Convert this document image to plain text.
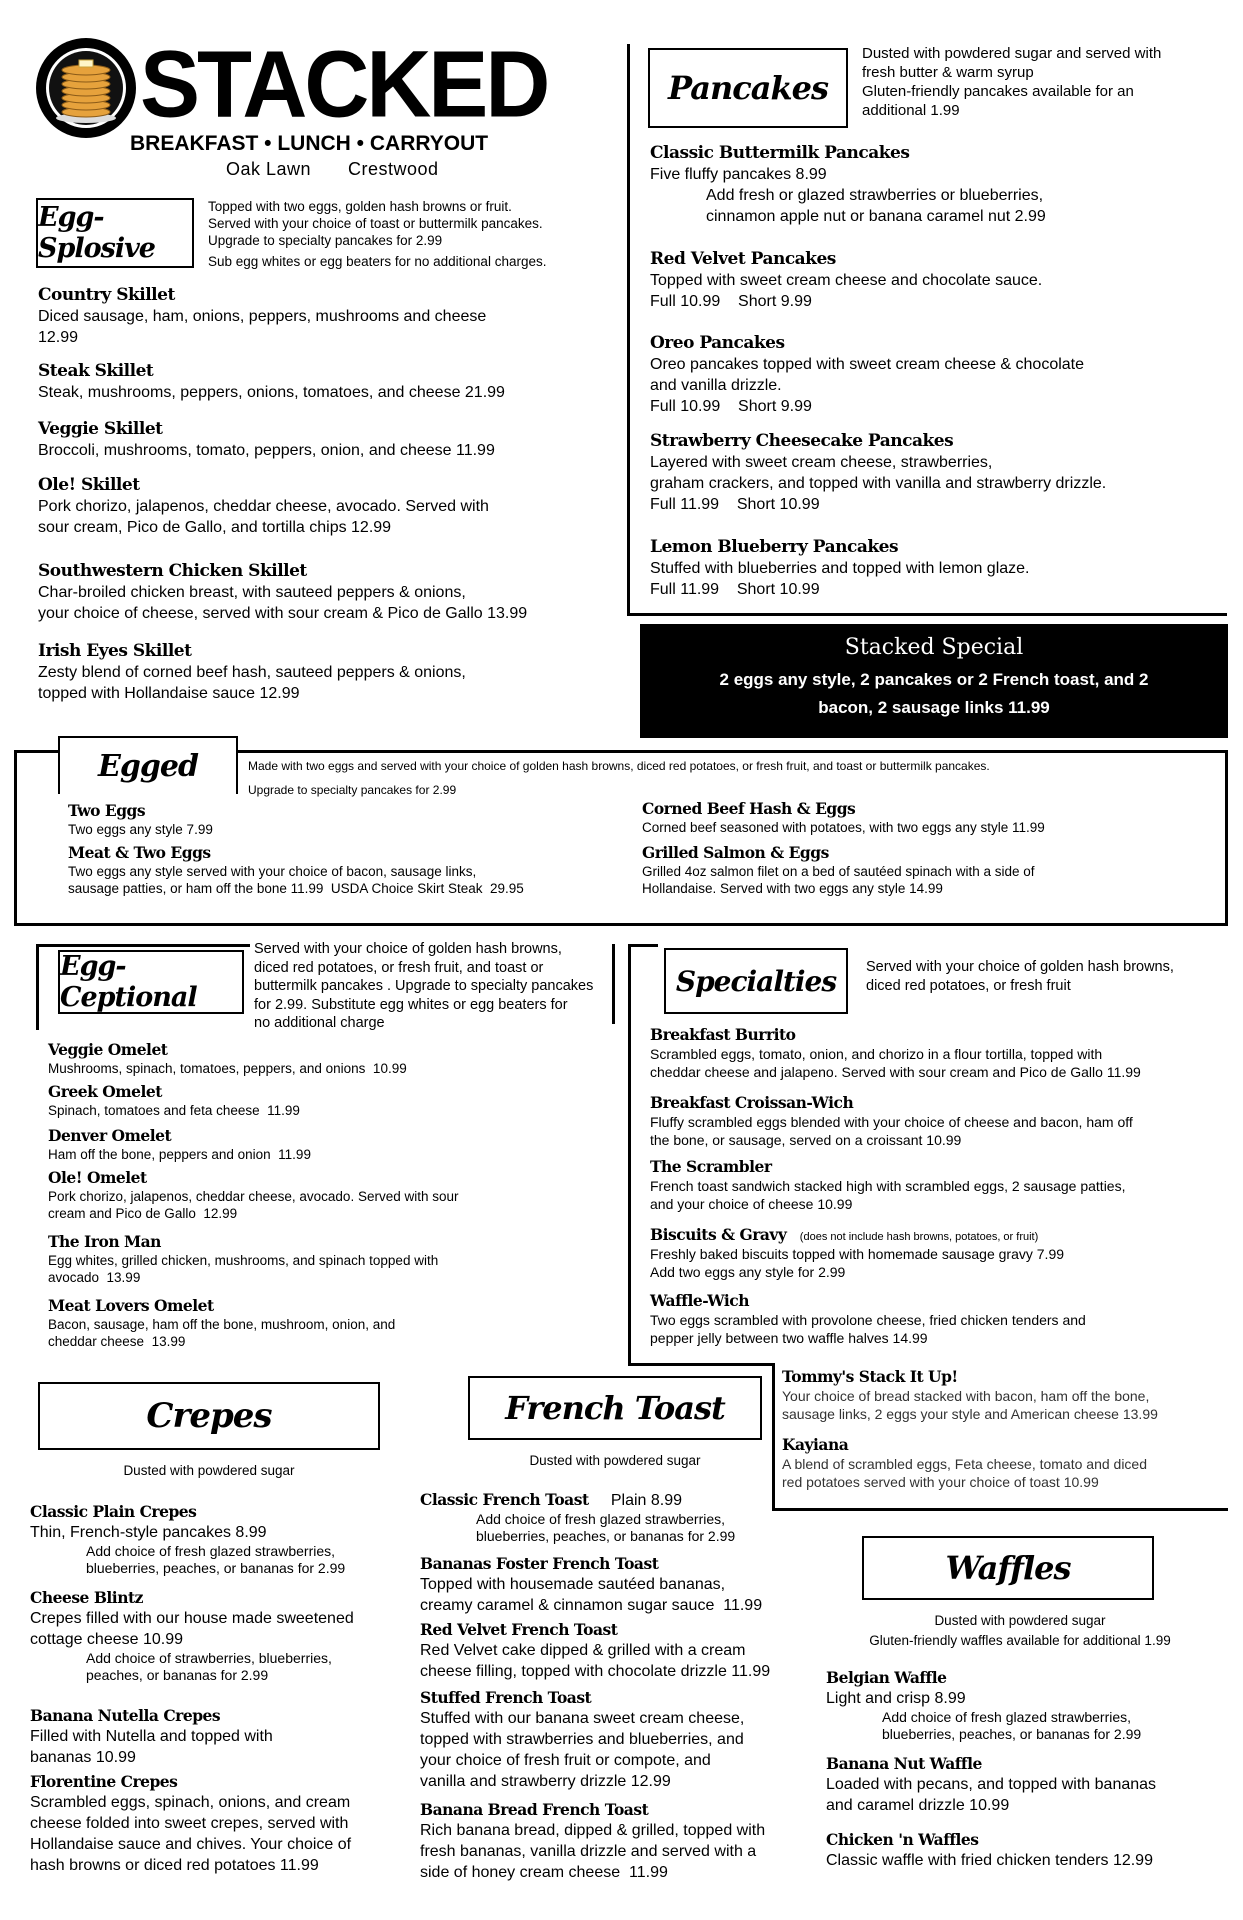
STACKED
BREAKFAST • LUNCH • CARRYOUT
Oak Lawn Crestwood
Egg-Splosive

Topped with two eggs, golden hash browns or fruit.

Served with your choice of toast or buttermilk pancakes.

Upgrade to specialty pancakes for 2.99

Sub egg whites or egg beaters for no additional charges.

Country Skillet

Diced sausage, ham, onions, peppers, mushrooms and cheese

12.99

Steak Skillet

Steak, mushrooms, peppers, onions, tomatoes, and cheese 21.99

Veggie Skillet

Broccoli, mushrooms, tomato, peppers, onion, and cheese 11.99

Ole! Skillet

Pork chorizo, jalapenos, cheddar cheese, avocado. Served with

sour cream, Pico de Gallo, and tortilla chips 12.99

Southwestern Chicken Skillet

Char-broiled chicken breast, with sauteed peppers & onions,

your choice of cheese, served with sour cream & Pico de Gallo 13.99

Irish Eyes Skillet

Zesty blend of corned beef hash, sauteed peppers & onions,

topped with Hollandaise sauce 12.99

Pancakes

Dusted with powdered sugar and served with

fresh butter & warm syrup

Gluten-friendly pancakes available for an

additional 1.99

Classic Buttermilk Pancakes

Five fluffy pancakes 8.99

Add fresh or glazed strawberries or blueberries,

cinnamon apple nut or banana caramel nut 2.99

Red Velvet Pancakes

Topped with sweet cream cheese and chocolate sauce.

Full 10.99    Short 9.99

Oreo Pancakes

Oreo pancakes topped with sweet cream cheese & chocolate

and vanilla drizzle.

Full 10.99    Short 9.99

Strawberry Cheesecake Pancakes

Layered with sweet cream cheese, strawberries,

graham crackers, and topped with vanilla and strawberry drizzle.

Full 11.99    Short 10.99

Lemon Blueberry Pancakes

Stuffed with blueberries and topped with lemon glaze.

Full 11.99    Short 10.99

Stacked Special

2 eggs any style, 2 pancakes or 2 French toast, and 2

bacon, 2 sausage links 11.99

Egged	Made with two eggs and served with your choice of golden hash browns, diced red potatoes, or fresh fruit, and toast or buttermilk pancakes.

Upgrade to specialty pancakes for 2.99

Two Eggs

Two eggs any style 7.99

Meat & Two Eggs

Two eggs any style served with your choice of bacon, sausage links,

sausage patties, or ham off the bone 11.99  USDA Choice Skirt Steak  29.95

Corned Beef Hash & Eggs

Corned beef seasoned with potatoes, with two eggs any style 11.99

Grilled Salmon & Eggs

Grilled 4oz salmon filet on a bed of sautéed spinach with a side of

Hollandaise. Served with two eggs any style 14.99

Egg-Ceptional

Served with your choice of golden hash browns,

diced red potatoes, or fresh fruit, and toast or

buttermilk pancakes . Upgrade to specialty pancakes

for 2.99. Substitute egg whites or egg beaters for

no additional charge

Veggie Omelet

Mushrooms, spinach, tomatoes, peppers, and onions  10.99

Greek Omelet

Spinach, tomatoes and feta cheese  11.99

Denver Omelet

Ham off the bone, peppers and onion  11.99

Ole! Omelet

Pork chorizo, jalapenos, cheddar cheese, avocado. Served with sour

cream and Pico de Gallo  12.99

The Iron Man

Egg whites, grilled chicken, mushrooms, and spinach topped with

avocado  13.99

Meat Lovers Omelet

Bacon, sausage, ham off the bone, mushroom, onion, and

cheddar cheese  13.99

Specialties	Served with your choice of golden hash browns,

diced red potatoes, or fresh fruit

Breakfast Burrito

Scrambled eggs, tomato, onion, and chorizo in a flour tortilla, topped with

cheddar cheese and jalapeno. Served with sour cream and Pico de Gallo 11.99

Breakfast Croissan-Wich

Fluffy scrambled eggs blended with your choice of cheese and bacon, ham off

the bone, or sausage, served on a croissant 10.99

The Scrambler

French toast sandwich stacked high with scrambled eggs, 2 sausage patties,

and your choice of cheese 10.99

Biscuits & Gravy (does not include hash browns, potatoes, or fruit)

Freshly baked biscuits topped with homemade sausage gravy 7.99

Add two eggs any style for 2.99

Waffle-Wich

Two eggs scrambled with provolone cheese, fried chicken tenders and

pepper jelly between two waffle halves 14.99

Tommy's Stack It Up!

Your choice of bread stacked with bacon, ham off the bone,

sausage links, 2 eggs your style and American cheese 13.99

Kayiana

A blend of scrambled eggs, Feta cheese, tomato and diced

red potatoes served with your choice of toast 10.99

Crepes
Dusted with powdered sugar

Classic Plain Crepes

Thin, French-style pancakes 8.99

Add choice of fresh glazed strawberries,

blueberries, peaches, or bananas for 2.99

Cheese Blintz

Crepes filled with our house made sweetened

cottage cheese 10.99

Add choice of strawberries, blueberries,

peaches, or bananas for 2.99

Banana Nutella Crepes

Filled with Nutella and topped with

bananas 10.99

Florentine Crepes

Scrambled eggs, spinach, onions, and cream

cheese folded into sweet crepes, served with

Hollandaise sauce and chives. Your choice of

hash browns or diced red potatoes 11.99

French Toast
Dusted with powdered sugar

Classic French Toast Plain 8.99

Add choice of fresh glazed strawberries,

blueberries, peaches, or bananas for 2.99

Bananas Foster French Toast

Topped with housemade sautéed bananas,

creamy caramel & cinnamon sugar sauce  11.99

Red Velvet French Toast

Red Velvet cake dipped & grilled with a cream

cheese filling, topped with chocolate drizzle 11.99

Stuffed French Toast

Stuffed with our banana sweet cream cheese,

topped with strawberries and blueberries, and

your choice of fresh fruit or compote, and

vanilla and strawberry drizzle 12.99

Banana Bread French Toast

Rich banana bread, dipped & grilled, topped with

fresh bananas, vanilla drizzle and served with a

side of honey cream cheese  11.99

Waffles

Dusted with powdered sugar

Gluten-friendly waffles available for additional 1.99

Belgian Waffle

Light and crisp 8.99

Add choice of fresh glazed strawberries,

blueberries, peaches, or bananas for 2.99

Banana Nut Waffle

Loaded with pecans, and topped with bananas

and caramel drizzle 10.99

Chicken 'n Waffles

Classic waffle with fried chicken tenders 12.99
